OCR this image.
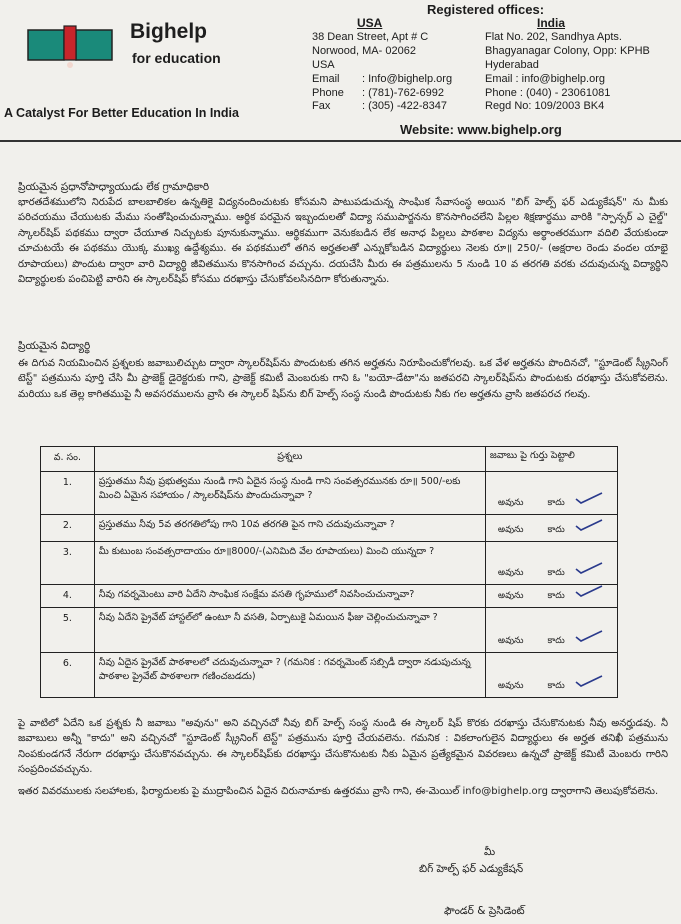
Bighelp
for education
A Catalyst For Better Education In India
Registered offices:
USA
38 Dean Street, Apt # C
Norwood, MA- 02062
USA
Email	: Info@bighelp.org
Phone	: (781)-762-6992
Fax	: (305) -422-8347
India
Flat No. 202, Sandhya Apts.
Bhagyanagar Colony, Opp: KPHB
Hyderabad
Email : info@bighelp.org
Phone : (040) - 23061081
Regd No: 109/2003 BK4
Website: www.bighelp.org
ప్రియమైన ప్రధానోపాధ్యాయుడు లేక గ్రామాధికారి
భారతదేశములోని నిరుపేద బాలబాలికల ఉన్నతికై విద్యనందించుటకు కోసమని పాటుపడుచున్న సాంఘిక సేవాసంస్థ అయిన "బిగ్ హెల్ప్ ఫర్ ఎడ్యుకేషన్" ను మీకు పరిచయము చేయుటకు మేము సంతోషించుచున్నాము. ఆర్థిక పరమైన ఇబ్బందులతో విద్యా సముపార్జనను కొనసాగించలేని పిల్లల శిక్షణార్థము వారికి "స్పాన్సర్ ఎ చైల్డ్" స్కాలర్‌షిప్ పథకము ద్వారా చేయూత నిచ్చుటకు పూనుకున్నాము. ఆర్థికముగా వెనుకబడిన లేక అనాధ పిల్లలు పాఠశాల విద్యను అర్థాంతరముగా వదిలి వేయకుండా చూచుటయే ఈ పథకము యొక్క ముఖ్య ఉద్దేశ్యము. ఈ పథకములో తగిన అర్హతలతో ఎన్నుకోబడిన విద్యార్థులు నెలకు రూ॥ 250/- (అక్షరాల రెండు వందల యాభై రూపాయలు) పొందుట ద్వారా వారి విద్యార్థి జీవితమును కొనసాగించ వచ్చును. దయచేసి మీరు ఈ పత్రములను 5 నుండి 10 వ తరగతి వరకు చదువుచున్న విద్యార్థిని విద్యార్థులకు పంచిపెట్టి వారిని ఈ స్కాలర్‌షిప్ కోసము దరఖాస్తు చేసుకోవలసినదిగా కోరుతున్నాను.
ప్రియమైన విద్యార్థి
ఈ దిగువ నియమించిన ప్రశ్నలకు జవాబులిచ్చుట ద్వారా స్కాలర్‌షిప్‌ను పొందుటకు తగిన అర్హతను నిరూపించుకోగలవు. ఒక వేళ అర్హతను పొందినచో, "స్టూడెంట్ స్క్రీనింగ్ టెస్ట్" పత్రమును పూర్తి చేసి మీ ప్రాజెక్ట్ డైరెక్టరుకు గాని, ప్రాజెక్ట్ కమిటీ మెంబరుకు గాని ఓ "బయో-డేటా"ను జతపరచి స్కాలర్‌షిప్‌ను పొందుటకు దరఖాస్తు చేసుకోవలెను. మరియు ఒక తెల్ల కాగితముపై నీ అవసరములను వ్రాసి ఈ స్కాలర్ షిప్‌ను బిగ్ హెల్ప్ సంస్థ నుండి పొందుటకు నీకు గల అర్హతను వ్రాసి జతపరచ గలవు.
వ. సం.	ప్రశ్నలు	జవాబు పై గుర్తు పెట్టాలి
1.	ప్రస్తుతము నీవు ప్రభుత్వము నుండి గాని ఏదైన సంస్థ నుండి గాని సంవత్సరమునకు రూ॥ 500/-లకు మించి ఏమైన సహాయం / స్కాలర్‌షిప్‌ను పొందుచున్నావా ?	అవును కాదు

2.	ప్రస్తుతము నీవు 5వ తరగతిలోపు గాని 10వ తరగతి పైన గాని చదువుచున్నావా ?	అవును కాదు

3.	మీ కుటుంబ సంవత్సరాదాయం రూ॥8000/-(ఎనిమిది వేల రూపాయలు) మించి యున్నదా ?	అవును కాదు

4.	నీవు గవర్నమెంటు వారి ఏదేని సాంఘిక సంక్షేమ వసతి గృహములో నివసించుచున్నావా?	అవును కాదు

5.	నీవు ఏదేని ప్రైవేట్ హాస్టల్‌లో ఉంటూ నీ వసతి, ఏర్పాటుకై ఏమయిన ఫీజు చెల్లించుచున్నావా ?	అవును కాదు

6.	నీవు ఏదైన ప్రైవేట్ పాఠశాలలో చదువుచున్నావా ? (గమనిక : గవర్నమెంట్ సబ్సిడీ ద్వారా నడుపుచున్న పాఠశాల ప్రైవేట్ పాఠశాలగా గణించబడదు)	అవును కాదు
పై వాటిలో ఏదేని ఒక ప్రశ్నకు నీ జవాబు "అవును" అని వచ్చినచో నీవు బిగ్ హెల్ప్ సంస్థ నుండి ఈ స్కాలర్ షిప్ కొరకు దరఖాస్తు చేసుకొనుటకు నీవు అనర్హుడవు. నీ జవాబులు అన్నీ "కాదు" అని వచ్చినచో "స్టూడెంట్ స్క్రీనింగ్ టెస్ట్" పత్రమును పూర్తి చేయవలెను. గమనిక : వికలాంగులైన విద్యార్థులు ఈ అర్హత తనిఖీ పత్రమును నింపకుండగనే నేరుగా దరఖాస్తు చేసుకొనవచ్చును. ఈ స్కాలర్‌షిప్‌కు దరఖాస్తు చేసుకొనుటకు నీకు ఏమైన ప్రత్యేకమైన వివరణలు ఉన్నచో ప్రాజెక్ట్ కమిటీ మెంబరు గారిని సంప్రదించవచ్చును.
ఇతర వివరములకు సలహాలకు, ఫిర్యాదులకు పై ముద్రాపించిన ఏదైన చిరునామాకు ఉత్తరము వ్రాసి గాని, ఈ-మెయిల్ info@bighelp.org ద్వారాగాని తెలుపుకోవలెను.
మీ
బిగ్ హెల్ప్ ఫర్ ఎడ్యుకేషన్
ఫౌండర్ & ప్రెసిడెంట్
